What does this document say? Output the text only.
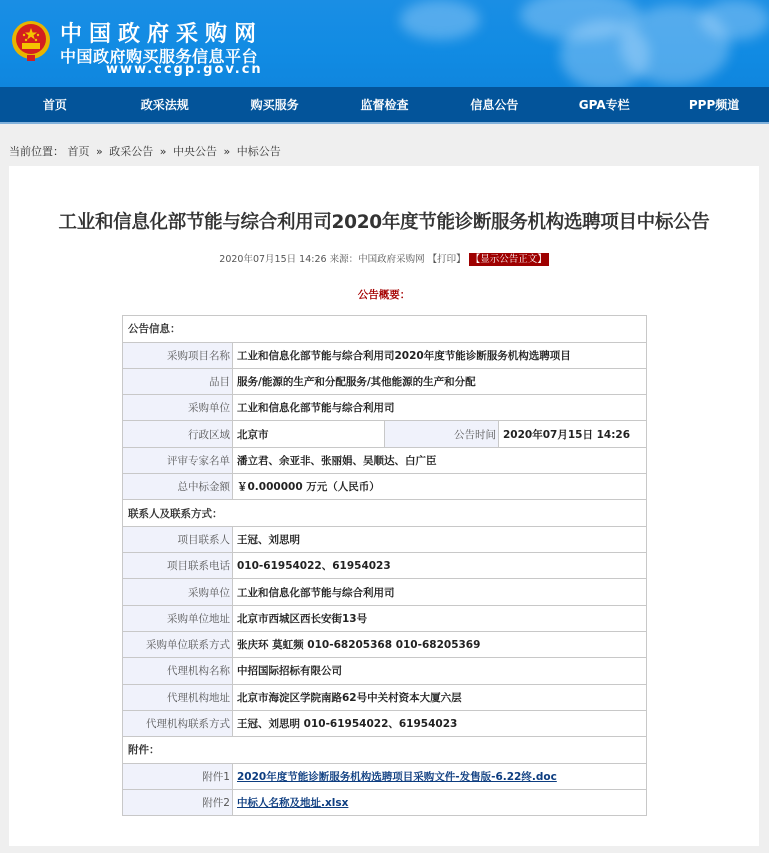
中国政府采购网
中国政府购买服务信息平台
www.ccgp.gov.cn
首页	政采法规	购买服务	监督检查	信息公告	GPA专栏	PPP频道
当前位置： 首页 » 政采公告 » 中央公告 » 中标公告
工业和信息化部节能与综合利用司2020年度节能诊断服务机构选聘项目中标公告
2020年07月15日 14:26 来源：中国政府采购网 【打印】 【显示公告正文】
公告概要：
公告信息：			
采购项目名称	工业和信息化部节能与综合利用司2020年度节能诊断服务机构选聘项目		
品目	服务/能源的生产和分配服务/其他能源的生产和分配		
采购单位	工业和信息化部节能与综合利用司		
行政区域	北京市	公告时间	2020年07月15日 14:26
评审专家名单	潘立君、余亚非、张丽娟、吴顺达、白广臣		
总中标金额	￥0.000000 万元（人民币）		
联系人及联系方式：			
项目联系人	王冠、刘思明		
项目联系电话	010-61954022、61954023		
采购单位	工业和信息化部节能与综合利用司		
采购单位地址	北京市西城区西长安街13号		
采购单位联系方式	张庆环 莫虹频 010-68205368 010-68205369		
代理机构名称	中招国际招标有限公司		
代理机构地址	北京市海淀区学院南路62号中关村资本大厦六层		
代理机构联系方式	王冠、刘思明 010-61954022、61954023		
附件：			
附件1	2020年度节能诊断服务机构选聘项目采购文件-发售版-6.22终.doc		
附件2	中标人名称及地址.xlsx		
